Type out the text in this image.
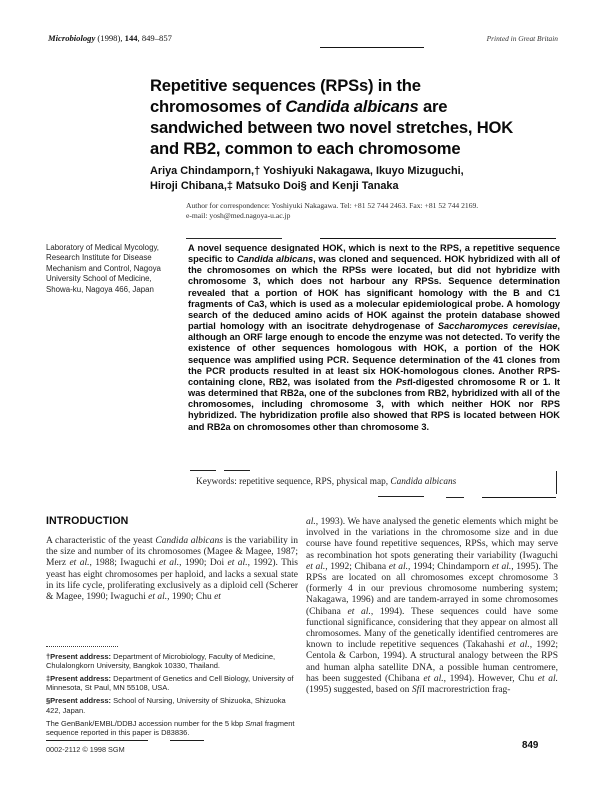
Microbiology (1998), 144, 849–857	Printed in Great Britain
Repetitive sequences (RPSs) in the
chromosomes of Candida albicans are
sandwiched between two novel stretches, HOK
and RB2, common to each chromosome
Ariya Chindamporn,† Yoshiyuki Nakagawa, Ikuyo Mizuguchi,
Hiroji Chibana,‡ Matsuko Doi§ and Kenji Tanaka
Author for correspondence: Yoshiyuki Nakagawa. Tel: +81 52 744 2463. Fax: +81 52 744 2169.
e-mail: yosh@med.nagoya-u.ac.jp
Laboratory of Medical Mycology, Research Institute for Disease Mechanism and Control, Nagoya University School of Medicine, Showa-ku, Nagoya 466, Japan
A novel sequence designated HOK, which is next to the RPS, a repetitive sequence specific to Candida albicans, was cloned and sequenced. HOK hybridized with all of the chromosomes on which the RPSs were located, but did not hybridize with chromosome 3, which does not harbour any RPSs. Sequence determination revealed that a portion of HOK has significant homology with the B and C1 fragments of Ca3, which is used as a molecular epidemiological probe. A homology search of the deduced amino acids of HOK against the protein database showed partial homology with an isocitrate dehydrogenase of Saccharomyces cerevisiae, although an ORF large enough to encode the enzyme was not detected. To verify the existence of other sequences homologous with HOK, a portion of the HOK sequence was amplified using PCR. Sequence determination of the 41 clones from the PCR products resulted in at least six HOK-homologous clones. Another RPS-containing clone, RB2, was isolated from the PstI-digested chromosome R or 1. It was determined that RB2a, one of the subclones from RB2, hybridized with all of the chromosomes, including chromosome 3, with which neither HOK nor RPS hybridized. The hybridization profile also showed that RPS is located between HOK and RB2a on chromosomes other than chromosome 3.
Keywords: repetitive sequence, RPS, physical map, Candida albicans
INTRODUCTION
A characteristic of the yeast Candida albicans is the variability in the size and number of its chromosomes (Magee & Magee, 1987; Merz et al., 1988; Iwaguchi et al., 1990; Doi et al., 1992). This yeast has eight chromosomes per haploid, and lacks a sexual state in its life cycle, proliferating exclusively as a diploid cell (Scherer & Magee, 1990; Iwaguchi et al., 1990; Chu et
al., 1993). We have analysed the genetic elements which might be involved in the variations in the chromosome size and in due course have found repetitive sequences, RPSs, which may serve as recombination hot spots generating their variability (Iwaguchi et al., 1992; Chibana et al., 1994; Chindamporn et al., 1995). The RPSs are located on all chromosomes except chromosome 3 (formerly 4 in our previous chromosome numbering system; Nakagawa, 1996) and are tandem-arrayed in some chromosomes (Chibana et al., 1994). These sequences could have some functional significance, considering that they appear on almost all chromosomes. Many of the genetically identified centromeres are known to include repetitive sequences (Takahashi et al., 1992; Centola & Carbon, 1994). A structural analogy between the RPS and human alpha satellite DNA, a possible human centromere, has been suggested (Chibana et al., 1994). However, Chu et al. (1995) suggested, based on SfiI macrorestriction frag-
†Present address: Department of Microbiology, Faculty of Medicine, Chulalongkorn University, Bangkok 10330, Thailand.
‡Present address: Department of Genetics and Cell Biology, University of Minnesota, St Paul, MN 55108, USA.
§Present address: School of Nursing, University of Shizuoka, Shizuoka 422, Japan.
The GenBank/EMBL/DDBJ accession number for the 5 kbp SmaI fragment sequence reported in this paper is D83836.
0002-2112 © 1998 SGM	849
